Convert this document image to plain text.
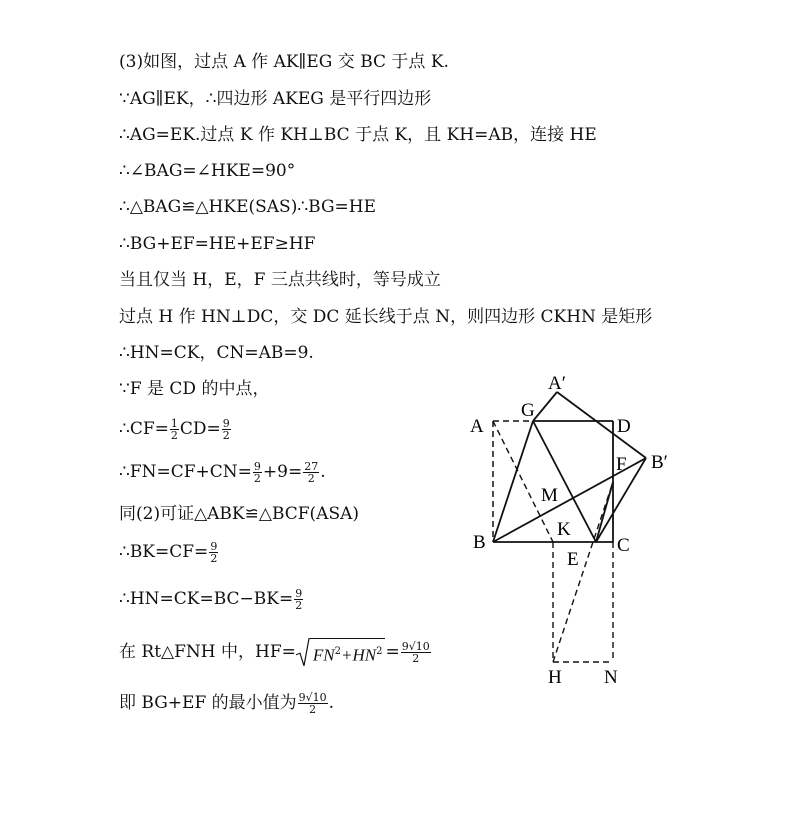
(3)如图，过点 A 作 AK∥EG 交 BC 于点 K.
∵AG∥EK，∴四边形 AKEG 是平行四边形
∴AG=EK.过点 K 作 KH⊥BC 于点 K，且 KH=AB，连接 HE
∴∠BAG=∠HKE=90°
∴△BAG≌△HKE(SAS)∴BG=HE
∴BG+EF=HE+EF≥HF
当且仅当 H，E，F 三点共线时，等号成立
过点 H 作 HN⊥DC，交 DC 延长线于点 N，则四边形 CKHN 是矩形
∴HN=CK，CN=AB=9.
∵F 是 CD 的中点，
∴CF= $\frac{1}{2} CD= \frac{9}{2}$
∴FN=CF+CN= $\frac{9}{2} +9= \frac{27}{2}$ .
同(2)可证△ABK≌△BCF(ASA)
∴BK=CF= $\frac{9}{2}$
∴HN=CK=BC−BK= $\frac{9}{2}$
在 Rt△FNH 中，$HF= FN^2+HN^2 = \frac{9√10}{2}$
即 BG+EF 的最小值为 $\frac{9√10}{2}$ .
A
A′
G
D
F B′
M
K
B
E
C
H N
